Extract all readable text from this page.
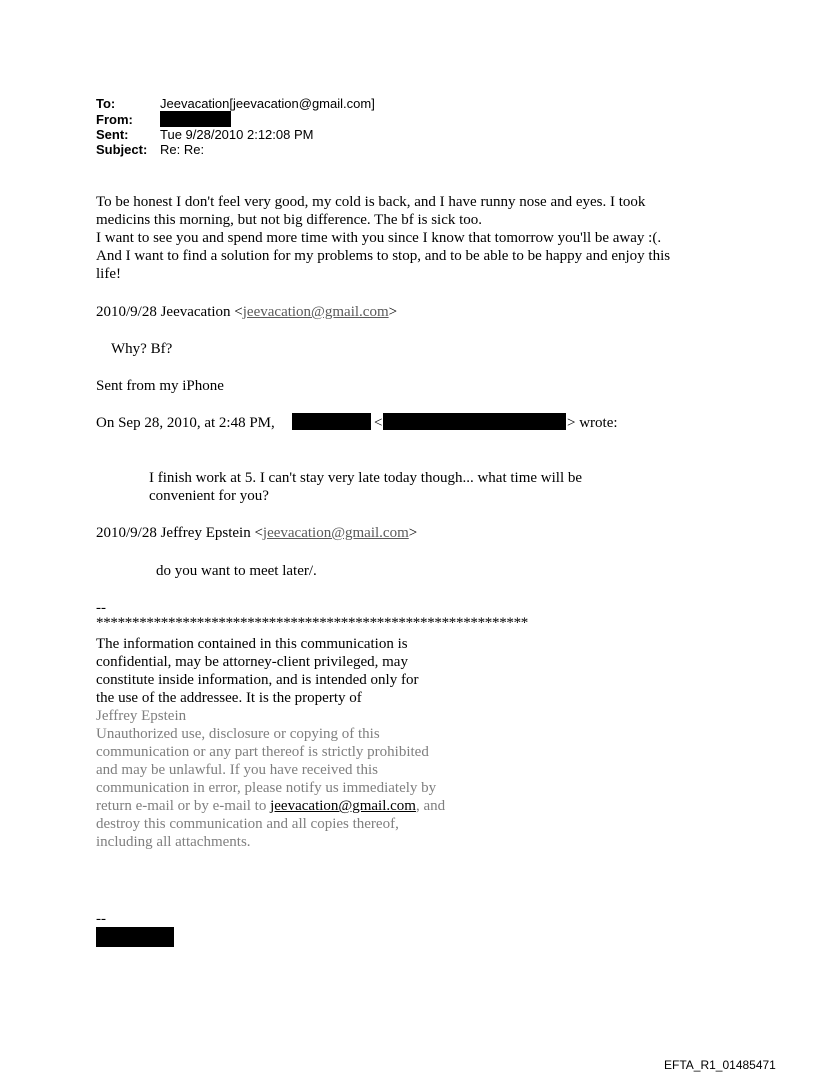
To:	Jeevacation[jeevacation@gmail.com]
From:
Sent: Tue 9/28/2010 2:12:08 PM
Subject: Re: Re:
To be honest I don't feel very good, my cold is back, and I have runny nose and eyes. I took
medicins this morning, but not big difference. The bf is sick too.
I want to see you and spend more time with you since I know that tomorrow you'll be away :(.
And I want to find a solution for my problems to stop, and to be able to be happy and enjoy this
life!
2010/9/28 Jeevacation <jeevacation@gmail.com>
Why? Bf?
Sent from my iPhone
On Sep 28, 2010, at 2:48 PM,	<	> wrote:
I finish work at 5. I can't stay very late today though... what time will be
convenient for you?
2010/9/28 Jeffrey Epstein <jeevacation@gmail.com>
do you want to meet later/.
--
************************************************************
The information contained in this communication is
confidential, may be attorney-client privileged, may
constitute inside information, and is intended only for
the use of the addressee. It is the property of
Jeffrey Epstein
Unauthorized use, disclosure or copying of this
communication or any part thereof is strictly prohibited
and may be unlawful. If you have received this
communication in error, please notify us immediately by
return e-mail or by e-mail to jeevacation@gmail.com, and
destroy this communication and all copies thereof,
including all attachments.
--
EFTA_R1_01485471
